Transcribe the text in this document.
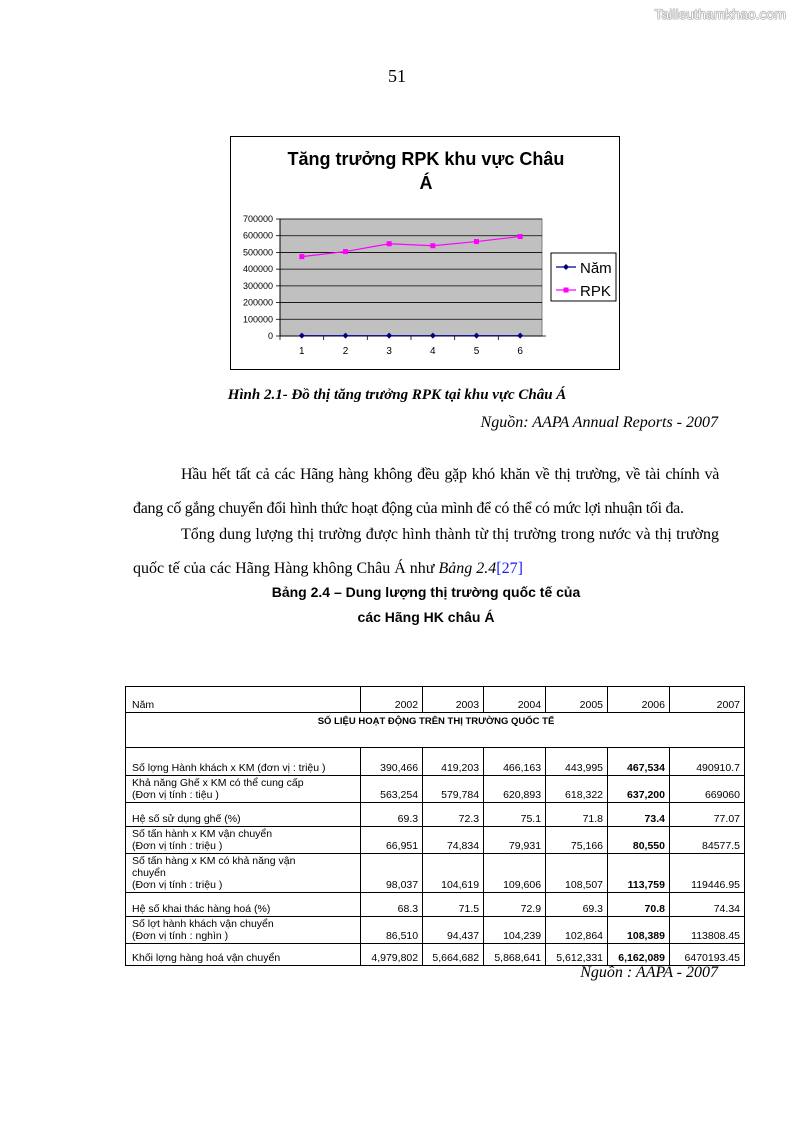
Tailieuthamkhao.com
51
Tăng trưởng RPK khu vực Châu
Á
0
100000
200000
300000
400000
500000
600000
700000
1	2	3	4	5	6
Năm
RPK
Hình 2.1- Đồ thị tăng trưởng RPK tại khu vực Châu Á
Nguồn: AAPA Annual Reports - 2007
Hầu hết tất cả các Hãng hàng không đều gặp khó khăn về thị trường, về tài chính và đang cố gắng chuyển đổi hình thức hoạt động của mình để có thể có mức lợi nhuận tối đa.
Tổng dung lượng thị trường được hình thành từ thị trường trong nước và thị trường quốc tế của các Hãng Hàng không Châu Á như Bảng 2.4[27]
Bảng 2.4 – Dung lượng thị trường quốc tế của
các Hãng HK châu Á
Năm	2002	2003	2004	2005	2006	2007
SỐ LIỆU HOẠT ĐỘNG TRÊN THỊ TRƯỜNG QUỐC TẾ						

Số lợng Hành khách x KM (đơn vị : triệu )	390,466	419,203	466,163	443,995	467,534	490910.7

Khả năng Ghế x KM có thể cung cấp
(Đơn vị tính : tiệu )	563,254	579,784	620,893	618,322	637,200	669060

Hệ số sử dụng ghế (%)	69.3	72.3	75.1	71.8	73.4	77.07

Số tấn hành x KM vận chuyển
(Đơn vị tính : triệu )	66,951	74,834	79,931	75,166	80,550	84577.5

Số tấn hàng x KM có khả năng vận
chuyển
(Đơn vị tính : triệu )	98,037	104,619	109,606	108,507	113,759	119446.95

Hệ số khai thác hàng hoá (%)	68.3	71.5	72.9	69.3	70.8	74.34

Số lợt hành khách vận chuyển
(Đơn vị tính : nghìn )	86,510	94,437	104,239	102,864	108,389	113808.45

Khối lợng hàng hoá vận chuyển	4,979,802	5,664,682	5,868,641	5,612,331	6,162,089	6470193.45
Nguồn : AAPA - 2007
